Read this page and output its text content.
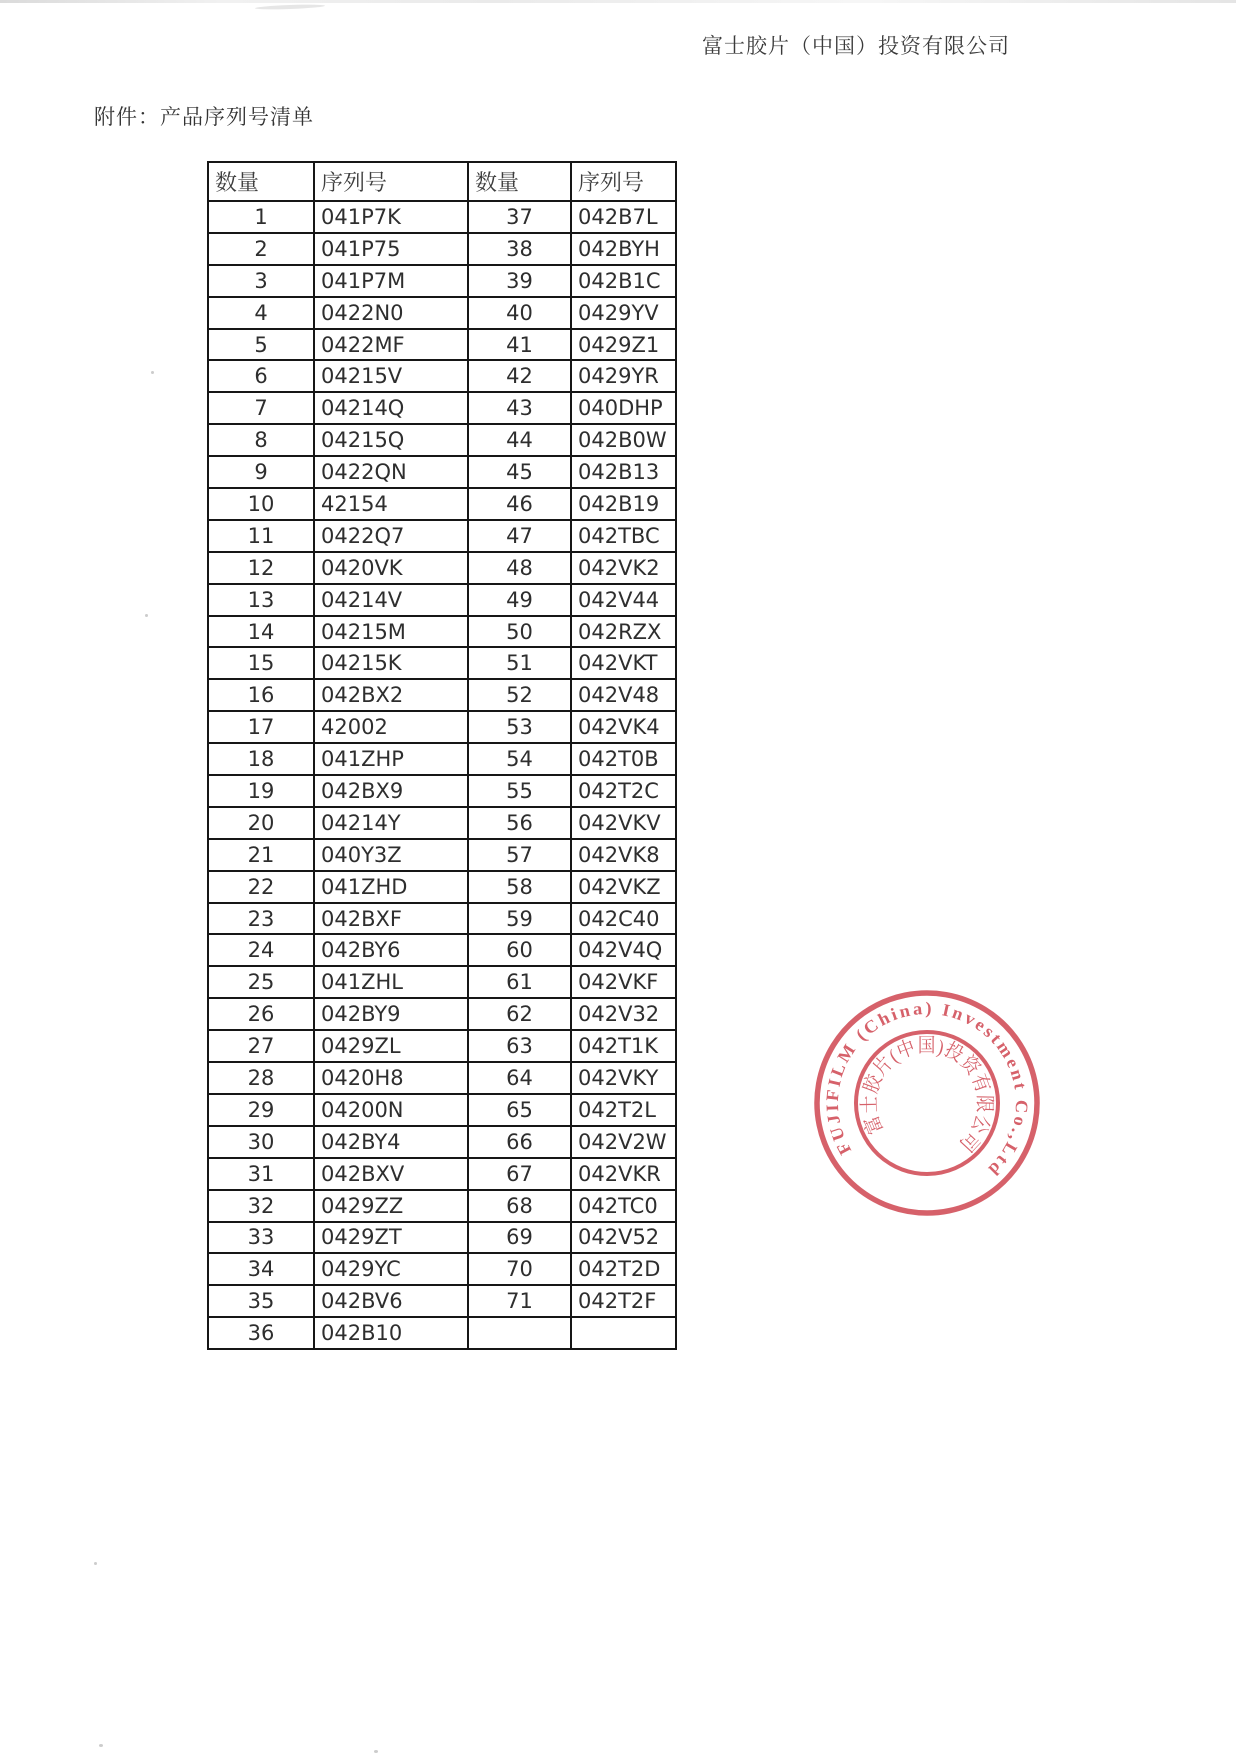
富士胶片（中国）投资有限公司
附件：产品序列号清单
数量	序列号	数量	序列号
1	041P7K	37	042B7L
2	041P75	38	042BYH
3	041P7M	39	042B1C
4	0422N0	40	0429YV
5	0422MF	41	0429Z1
6	04215V	42	0429YR
7	04214Q	43	040DHP
8	04215Q	44	042B0W
9	0422QN	45	042B13
10	42154	46	042B19
11	0422Q7	47	042TBC
12	0420VK	48	042VK2
13	04214V	49	042V44
14	04215M	50	042RZX
15	04215K	51	042VKT
16	042BX2	52	042V48
17	42002	53	042VK4
18	041ZHP	54	042T0B
19	042BX9	55	042T2C
20	04214Y	56	042VKV
21	040Y3Z	57	042VK8
22	041ZHD	58	042VKZ
23	042BXF	59	042C40
24	042BY6	60	042V4Q
25	041ZHL	61	042VKF
26	042BY9	62	042V32
27	0429ZL	63	042T1K
28	0420H8	64	042VKY
29	04200N	65	042T2L
30	042BY4	66	042V2W
31	042BXV	67	042VKR
32	0429ZZ	68	042TC0
33	0429ZT	69	042V52
34	0429YC	70	042T2D
35	042BV6	71	042T2F
36	042B10		
FUJIFILM (China) Investment Co.,Ltd
富士胶片(中国)投资有限公司
